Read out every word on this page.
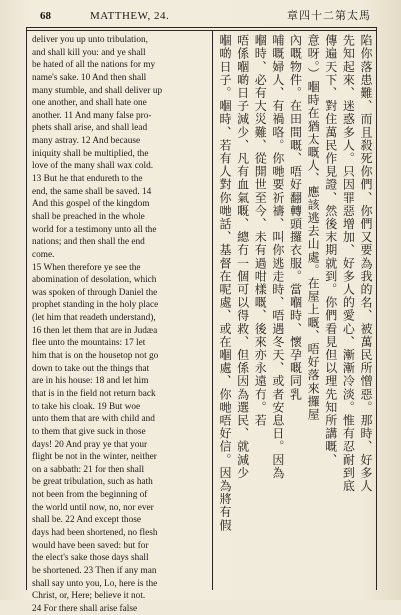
68	MATTHEW, 24.	章四十二第太馬
deliver you up unto tribulation,
and shall kill you: and ye shall
be hated of all the nations for my
name's sake. 10 And then shall
many stumble, and shall deliver up
one another, and shall hate one
another. 11 And many false pro-
phets shall arise, and shall lead
many astray. 12 And because
iniquity shall be multiplied, the
love of the many shall wax cold.
13 But he that endureth to the
end, the same shall be saved. 14
And this gospel of the kingdom
shall be preached in the whole
world for a testimony unto all the
nations; and then shall the end
come.
15 When therefore ye see the
abomination of desolation, which
was spoken of through Daniel the
prophet standing in the holy place
(let him that readeth understand),
16 then let them that are in Judæa
flee unto the mountains: 17 let
him that is on the housetop not go
down to take out the things that
are in his house: 18 and let him
that is in the field not return back
to take his cloak. 19 But woe
unto them that are with child and
to them that give suck in those
days! 20 And pray ye that your
flight be not in the winter, neither
on a sabbath: 21 for then shall
be great tribulation, such as hath
not been from the beginning of
the world until now, no, nor ever
shall be. 22 And except those
days had been shortened, no flesh
would have been saved: but for
the elect's sake those days shall
be shortened. 23 Then if any man
shall say unto you, Lo, here is the
Christ, or, Here; believe it not.
24 For there shall arise false
陷你落患難、而且殺死你們、你們又要為我的名、被萬民所憎惡。那時、好多人
先知起來、迷惑多人。只因罪惡增加、好多人的愛心、漸漸冷淡。惟有忍耐到底
傳遍天下、對住萬民作見證、然後末期就到。你們看見但以理先知所講嘅、
意呀。）嗰時在猶太嘅人、應該逃去山處。在屋上嘅、唔好落來攞屋
內嘅物件。在田間嘅、唔好翻轉頭攞衣服。當嗰時、懷孕嘅同乳
哺嘅婦人、有禍咯。你哋要祈禱、叫你逃走時、唔遇冬天、或者安息日。因為
嗰時、必有大災難、從開世至今、未有過咁樣嘅、後來亦永遠冇。若
唔係嗰啲日子減少、凡有血氣嘅、總冇一個可以得救、但係因為選民、就減少
嗰啲日子。嗰時、若有人對你哋話、基督在呢處、或在嗰處、你哋唔好信。因為將有假
